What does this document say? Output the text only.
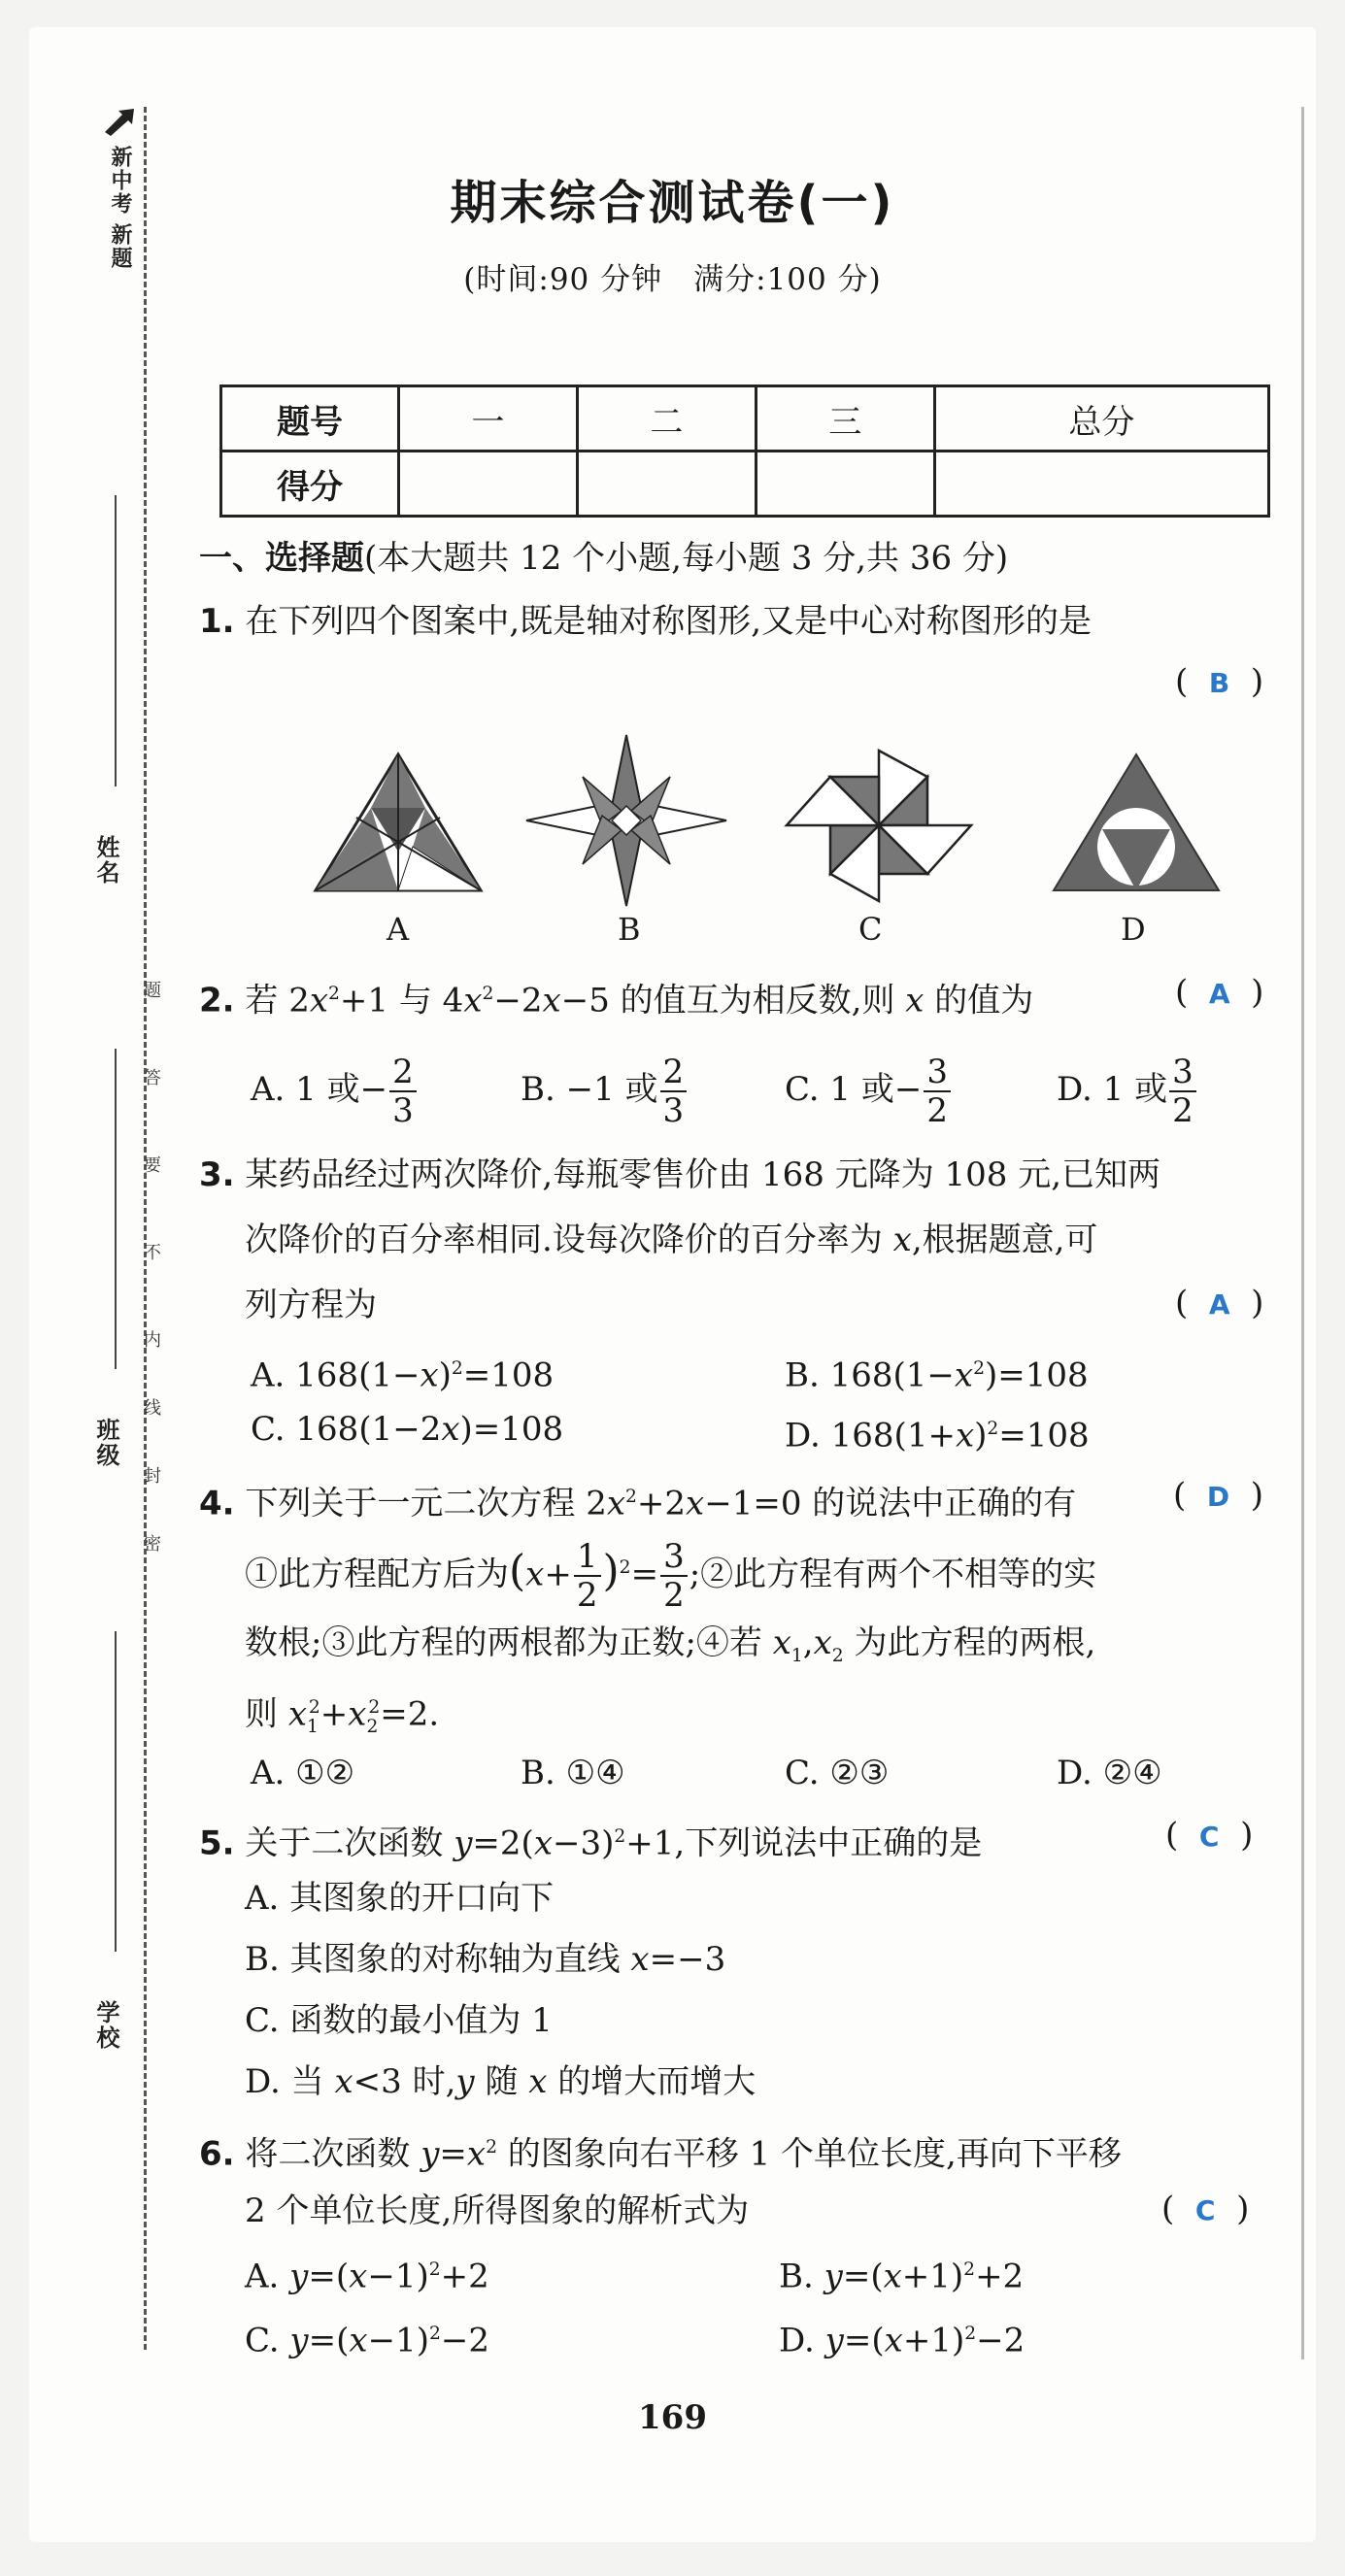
新中考
新题
姓名
班级
学校
题
答
要
不
内
线
封
密
期末综合测试卷(一)
(时间:90 分钟　满分:100 分)
题号	一	二	三	总分
得分				
一、选择题(本大题共 12 个小题,每小题 3 分,共 36 分)
1. 在下列四个图案中,既是轴对称图形,又是中心对称图形的是
(  B  )
A	B	C	D
2. 若 $2x^2+1$ 与 $4x^2-2x-5$ 的值互为相反数,则 x 的值为	(  A  )
A. 1 或− $\frac{2}{3}$	B. −1 或 $\frac{2}{3}$	C. 1 或− $\frac{3}{2}$	D. 1 或 $\frac{3}{2}$
3. 某药品经过两次降价,每瓶零售价由 168 元降为 108 元,已知两
次降价的百分率相同.设每次降价的百分率为 x,根据题意,可
列方程为	(  A  )
A. $168(1-x)^2=108$	B. $168(1-x^2)=108$
C. 168(1−2x)=108	D. $168(1+x)^2=108$
4. 下列关于一元二次方程 $2x^2+2x-1=0$ 的说法中正确的有	(  D  )
①此方程配方后为$(x+ \frac{1}{2} )^2= \frac{3}{2}$ ;②此方程有两个不相等的实
数根;③此方程的两根都为正数;④若 $x_1,x_2$ 为此方程的两根,
则 $x_1^2+x_2^2=2$.
A. ①②	B. ①④	C. ②③	D. ②④
5. 关于二次函数 $y=2(x-3)^2+1$,下列说法中正确的是	(  C  )
A. 其图象的开口向下
B. 其图象的对称轴为直线 x=−3
C. 函数的最小值为 1
D. 当 x<3 时,y 随 x 的增大而增大
6. 将二次函数 $y=x^2$ 的图象向右平移 1 个单位长度,再向下平移
2 个单位长度,所得图象的解析式为	(  C  )
A. $y=(x-1)^2+2$	B. $y=(x+1)^2+2$
C. $y=(x-1)^2-2$	D. $y=(x+1)^2-2$
169
